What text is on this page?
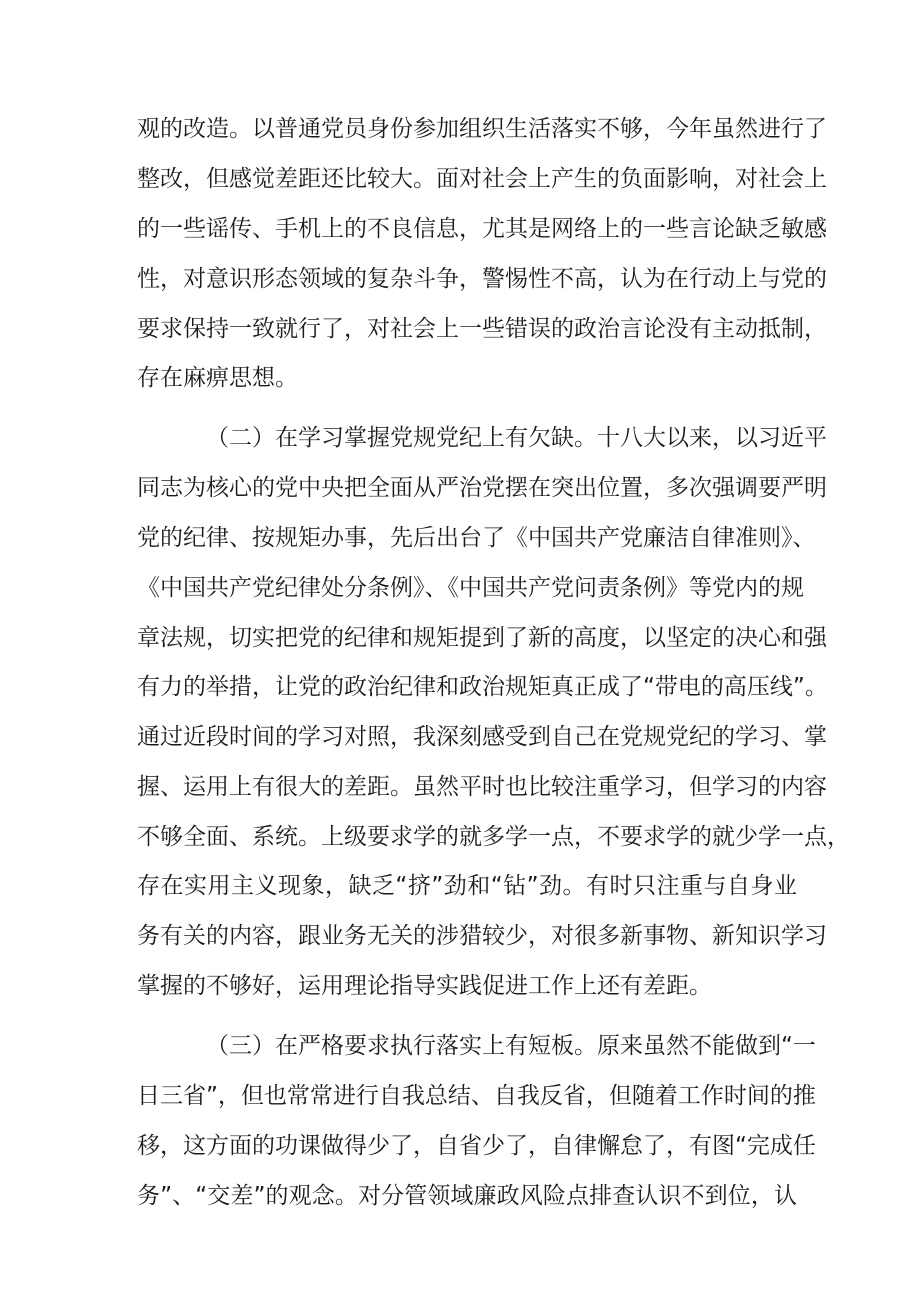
观的改造。以普通党员身份参加组织生活落实不够，今年虽然进行了
整改，但感觉差距还比较大。面对社会上产生的负面影响，对社会上
的一些谣传、手机上的不良信息，尤其是网络上的一些言论缺乏敏感
性，对意识形态领域的复杂斗争，警惕性不高，认为在行动上与党的
要求保持一致就行了，对社会上一些错误的政治言论没有主动抵制，
存在麻痹思想。
（二）在学习掌握党规党纪上有欠缺。十八大以来，以习近平
同志为核心的党中央把全面从严治党摆在突出位置，多次强调要严明
党的纪律、按规矩办事，先后出台了《中国共产党廉洁自律准则》、
《中国共产党纪律处分条例》、《中国共产党问责条例》等党内的规
章法规，切实把党的纪律和规矩提到了新的高度，以坚定的决心和强
有力的举措，让党的政治纪律和政治规矩真正成了“带电的高压线”。
通过近段时间的学习对照，我深刻感受到自己在党规党纪的学习、掌
握、运用上有很大的差距。虽然平时也比较注重学习，但学习的内容
不够全面、系统。上级要求学的就多学一点，不要求学的就少学一点，
存在实用主义现象，缺乏“挤”劲和“钻”劲。有时只注重与自身业
务有关的内容，跟业务无关的涉猎较少，对很多新事物、新知识学习
掌握的不够好，运用理论指导实践促进工作上还有差距。
（三）在严格要求执行落实上有短板。原来虽然不能做到“一
日三省”，但也常常进行自我总结、自我反省，但随着工作时间的推
移，这方面的功课做得少了，自省少了，自律懈怠了，有图“完成任
务”、“交差”的观念。对分管领域廉政风险点排查认识不到位，认
